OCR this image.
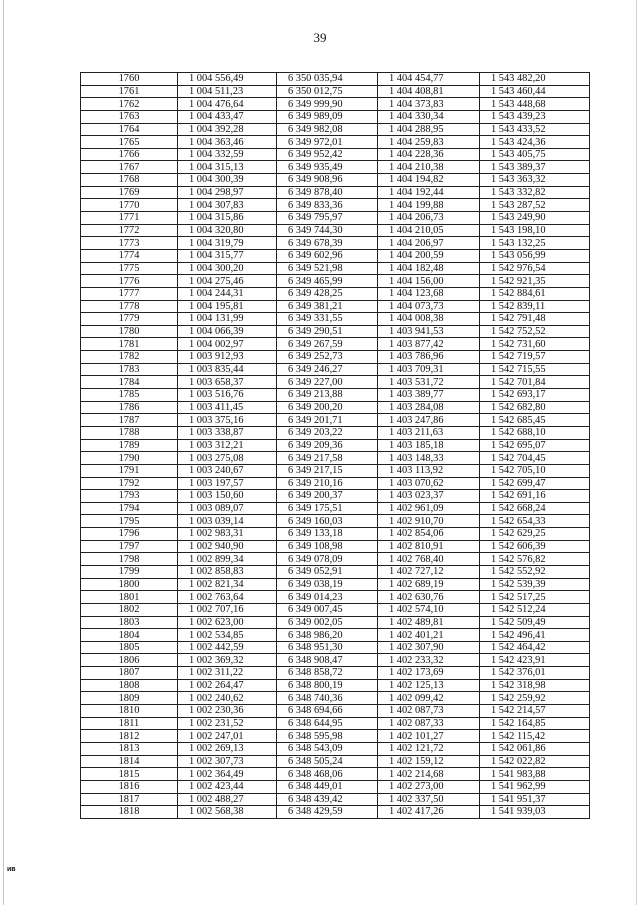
39
1760	1 004 556,49	6 350 035,94	1 404 454,77	1 543 482,20
1761	1 004 511,23	6 350 012,75	1 404 408,81	1 543 460,44
1762	1 004 476,64	6 349 999,90	1 404 373,83	1 543 448,68
1763	1 004 433,47	6 349 989,09	1 404 330,34	1 543 439,23
1764	1 004 392,28	6 349 982,08	1 404 288,95	1 543 433,52
1765	1 004 363,46	6 349 972,01	1 404 259,83	1 543 424,36
1766	1 004 332,59	6 349 952,42	1 404 228,36	1 543 405,75
1767	1 004 315,13	6 349 935,49	1 404 210,38	1 543 389,37
1768	1 004 300,39	6 349 908,96	1 404 194,82	1 543 363,32
1769	1 004 298,97	6 349 878,40	1 404 192,44	1 543 332,82
1770	1 004 307,83	6 349 833,36	1 404 199,88	1 543 287,52
1771	1 004 315,86	6 349 795,97	1 404 206,73	1 543 249,90
1772	1 004 320,80	6 349 744,30	1 404 210,05	1 543 198,10
1773	1 004 319,79	6 349 678,39	1 404 206,97	1 543 132,25
1774	1 004 315,77	6 349 602,96	1 404 200,59	1 543 056,99
1775	1 004 300,20	6 349 521,98	1 404 182,48	1 542 976,54
1776	1 004 275,46	6 349 465,99	1 404 156,00	1 542 921,35
1777	1 004 244,31	6 349 428,25	1 404 123,68	1 542 884,61
1778	1 004 195,81	6 349 381,21	1 404 073,73	1 542 839,11
1779	1 004 131,99	6 349 331,55	1 404 008,38	1 542 791,48
1780	1 004 066,39	6 349 290,51	1 403 941,53	1 542 752,52
1781	1 004 002,97	6 349 267,59	1 403 877,42	1 542 731,60
1782	1 003 912,93	6 349 252,73	1 403 786,96	1 542 719,57
1783	1 003 835,44	6 349 246,27	1 403 709,31	1 542 715,55
1784	1 003 658,37	6 349 227,00	1 403 531,72	1 542 701,84
1785	1 003 516,76	6 349 213,88	1 403 389,77	1 542 693,17
1786	1 003 411,45	6 349 200,20	1 403 284,08	1 542 682,80
1787	1 003 375,16	6 349 201,71	1 403 247,86	1 542 685,45
1788	1 003 338,87	6 349 203,22	1 403 211,63	1 542 688,10
1789	1 003 312,21	6 349 209,36	1 403 185,18	1 542 695,07
1790	1 003 275,08	6 349 217,58	1 403 148,33	1 542 704,45
1791	1 003 240,67	6 349 217,15	1 403 113,92	1 542 705,10
1792	1 003 197,57	6 349 210,16	1 403 070,62	1 542 699,47
1793	1 003 150,60	6 349 200,37	1 403 023,37	1 542 691,16
1794	1 003 089,07	6 349 175,51	1 402 961,09	1 542 668,24
1795	1 003 039,14	6 349 160,03	1 402 910,70	1 542 654,33
1796	1 002 983,31	6 349 133,18	1 402 854,06	1 542 629,25
1797	1 002 940,90	6 349 108,98	1 402 810,91	1 542 606,39
1798	1 002 899,34	6 349 078,09	1 402 768,40	1 542 576,82
1799	1 002 858,83	6 349 052,91	1 402 727,12	1 542 552,92
1800	1 002 821,34	6 349 038,19	1 402 689,19	1 542 539,39
1801	1 002 763,64	6 349 014,23	1 402 630,76	1 542 517,25
1802	1 002 707,16	6 349 007,45	1 402 574,10	1 542 512,24
1803	1 002 623,00	6 349 002,05	1 402 489,81	1 542 509,49
1804	1 002 534,85	6 348 986,20	1 402 401,21	1 542 496,41
1805	1 002 442,59	6 348 951,30	1 402 307,90	1 542 464,42
1806	1 002 369,32	6 348 908,47	1 402 233,32	1 542 423,91
1807	1 002 311,22	6 348 858,72	1 402 173,69	1 542 376,01
1808	1 002 264,47	6 348 800,19	1 402 125,13	1 542 318,98
1809	1 002 240,62	6 348 740,36	1 402 099,42	1 542 259,92
1810	1 002 230,36	6 348 694,66	1 402 087,73	1 542 214,57
1811	1 002 231,52	6 348 644,95	1 402 087,33	1 542 164,85
1812	1 002 247,01	6 348 595,98	1 402 101,27	1 542 115,42
1813	1 002 269,13	6 348 543,09	1 402 121,72	1 542 061,86
1814	1 002 307,73	6 348 505,24	1 402 159,12	1 542 022,82
1815	1 002 364,49	6 348 468,06	1 402 214,68	1 541 983,88
1816	1 002 423,44	6 348 449,01	1 402 273,00	1 541 962,99
1817	1 002 488,27	6 348 439,42	1 402 337,50	1 541 951,37
1818	1 002 568,38	6 348 429,59	1 402 417,26	1 541 939,03
ив
